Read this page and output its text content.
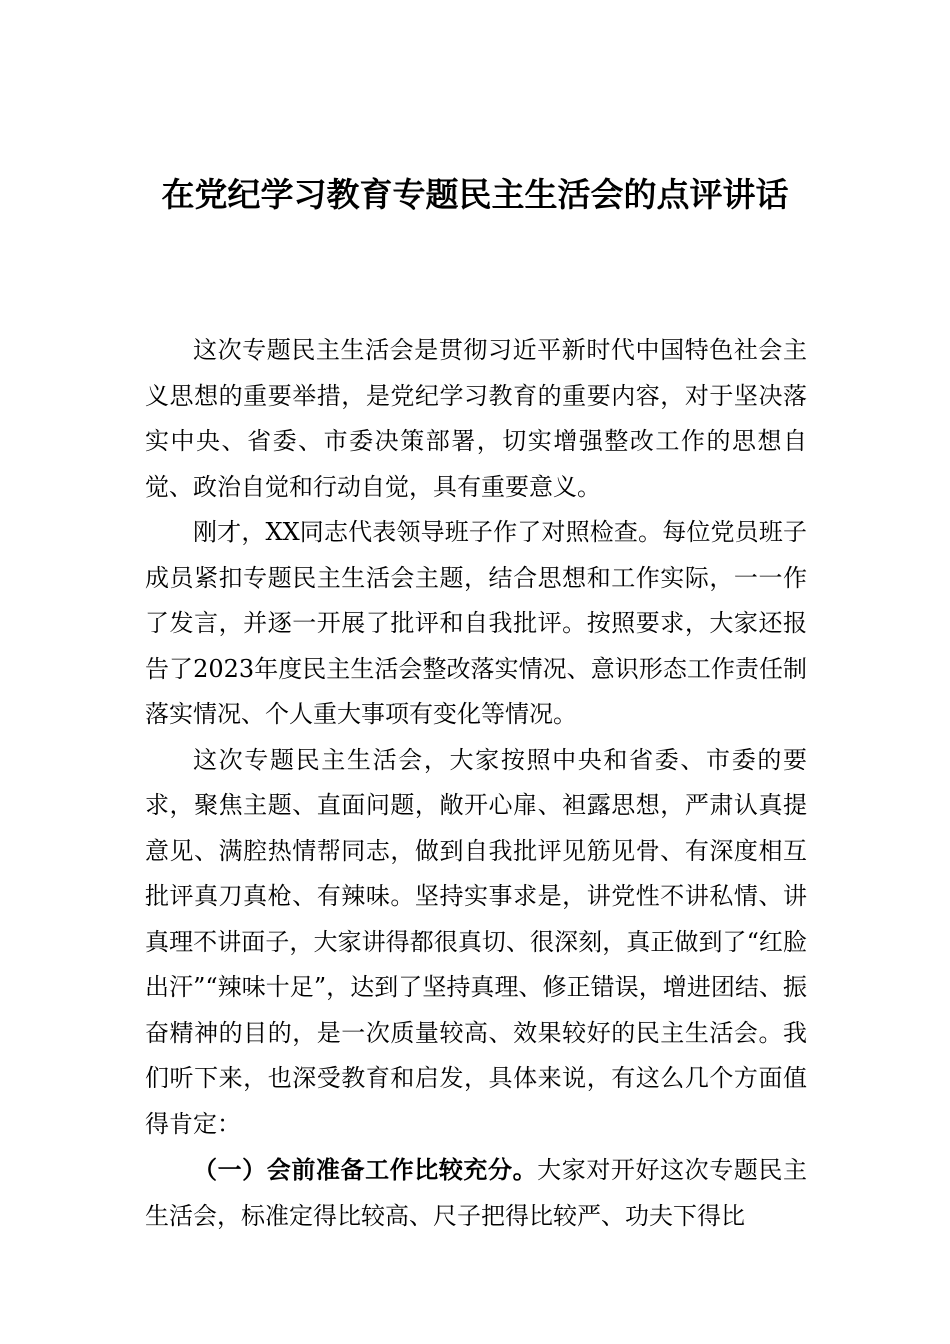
在党纪学习教育专题民主生活会的点评讲话

这次专题民主生活会是贯彻习近平新时代中国特色社会主义思想的重要举措，是党纪学习教育的重要内容，对于坚决落实中央、省委、市委决策部署，切实增强整改工作的思想自觉、政治自觉和行动自觉，具有重要意义。

刚才，XX同志代表领导班子作了对照检查。每位党员班子成员紧扣专题民主生活会主题，结合思想和工作实际，一一作了发言，并逐一开展了批评和自我批评。按照要求，大家还报告了2023年度民主生活会整改落实情况、意识形态工作责任制落实情况、个人重大事项有变化等情况。

这次专题民主生活会，大家按照中央和省委、市委的要求，聚焦主题、直面问题，敞开心扉、袒露思想，严肃认真提意见、满腔热情帮同志，做到自我批评见筋见骨、有深度相互批评真刀真枪、有辣味。坚持实事求是，讲党性不讲私情、讲真理不讲面子，大家讲得都很真切、很深刻，真正做到了“红脸出汗”“辣味十足”，达到了坚持真理、修正错误，增进团结、振奋精神的目的，是一次质量较高、效果较好的民主生活会。我们听下来，也深受教育和启发，具体来说，有这么几个方面值得肯定：

（一）会前准备工作比较充分。大家对开好这次专题民主生活会，标准定得比较高、尺子把得比较严、功夫下得比
